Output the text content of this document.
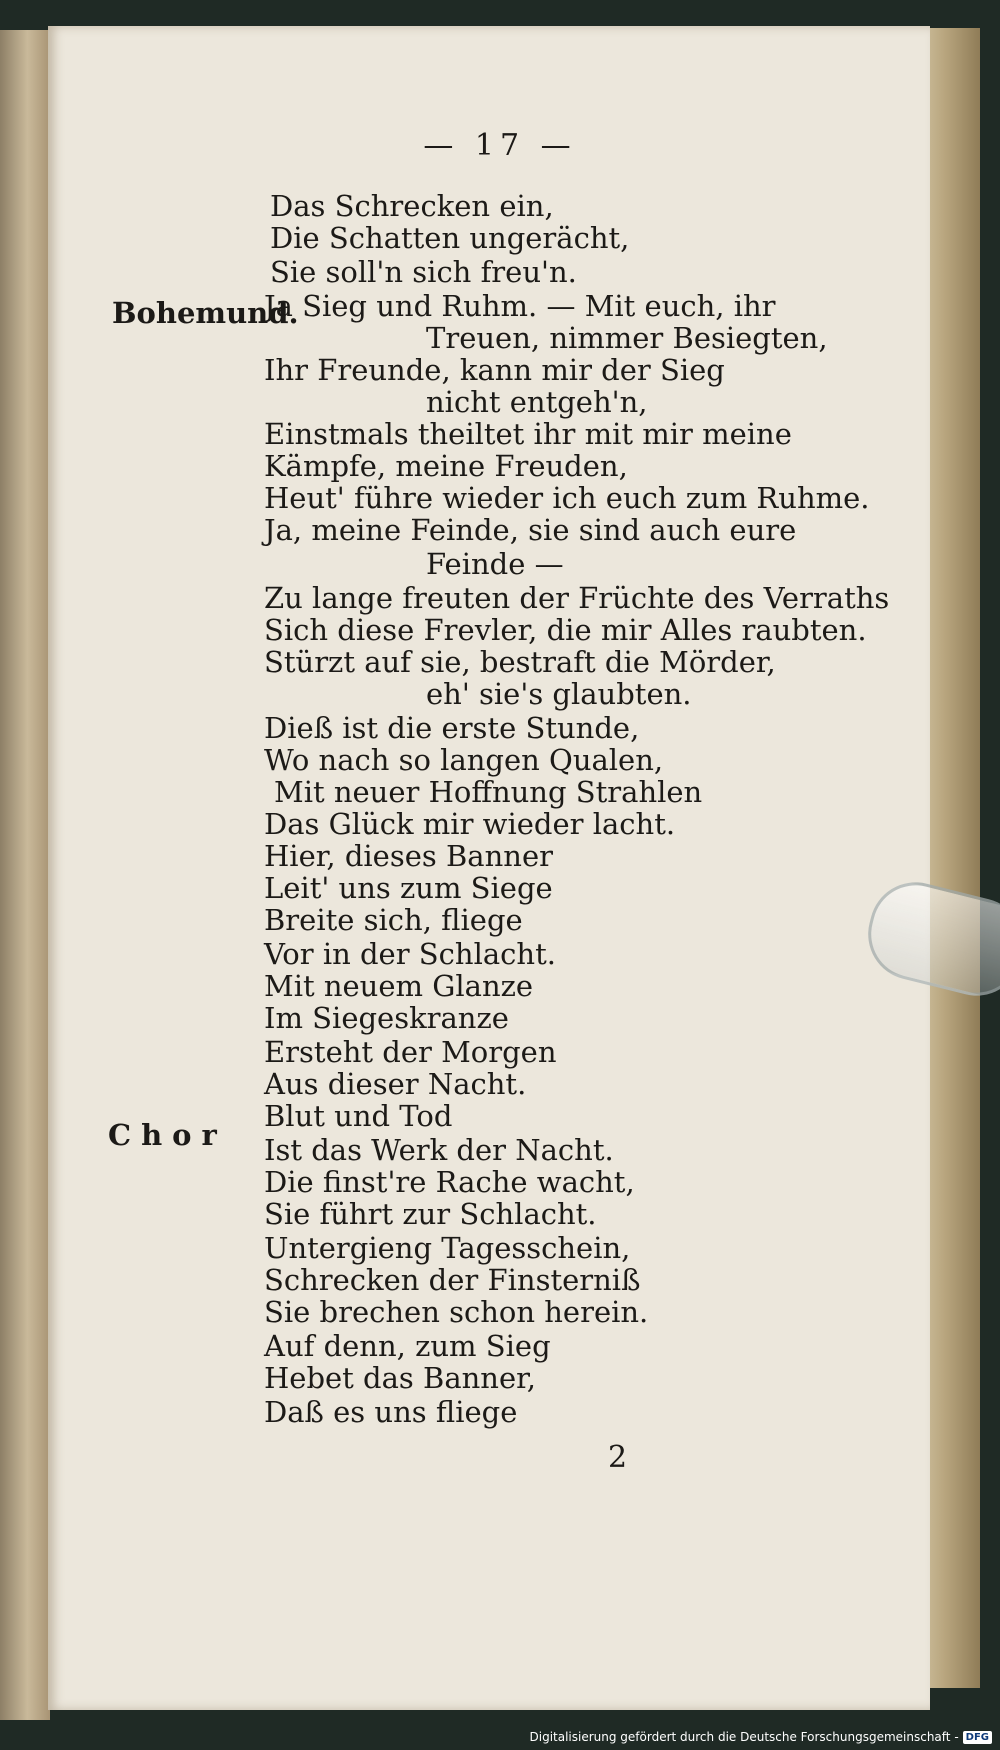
— 17 —
Bohemund.
Chor
Das Schrecken ein,
Die Schatten ungerächt,
Sie soll'n sich freu'n.
Ja Sieg und Ruhm. — Mit euch, ihr
Treuen, nimmer Besiegten,
Ihr Freunde, kann mir der Sieg
nicht entgeh'n,
Einstmals theiltet ihr mit mir meine
Kämpfe, meine Freuden,
Heut' führe wieder ich euch zum Ruhme.
Ja, meine Feinde, sie sind auch eure
Feinde —
Zu lange freuten der Früchte des Verraths
Sich diese Frevler, die mir Alles raubten.
Stürzt auf sie, bestraft die Mörder,
eh' sie's glaubten.
Dieß ist die erste Stunde,
Wo nach so langen Qualen,
Mit neuer Hoffnung Strahlen
Das Glück mir wieder lacht.
Hier, dieses Banner
Leit' uns zum Siege
Breite sich, fliege
Vor in der Schlacht.
Mit neuem Glanze
Im Siegeskranze
Ersteht der Morgen
Aus dieser Nacht.
Blut und Tod
Ist das Werk der Nacht.
Die finst're Rache wacht,
Sie führt zur Schlacht.
Untergieng Tagesschein,
Schrecken der Finsterniß
Sie brechen schon herein.
Auf denn, zum Sieg
Hebet das Banner,
Daß es uns fliege
2
Digitalisierung gefördert durch die Deutsche Forschungsgemeinschaft - DFG
